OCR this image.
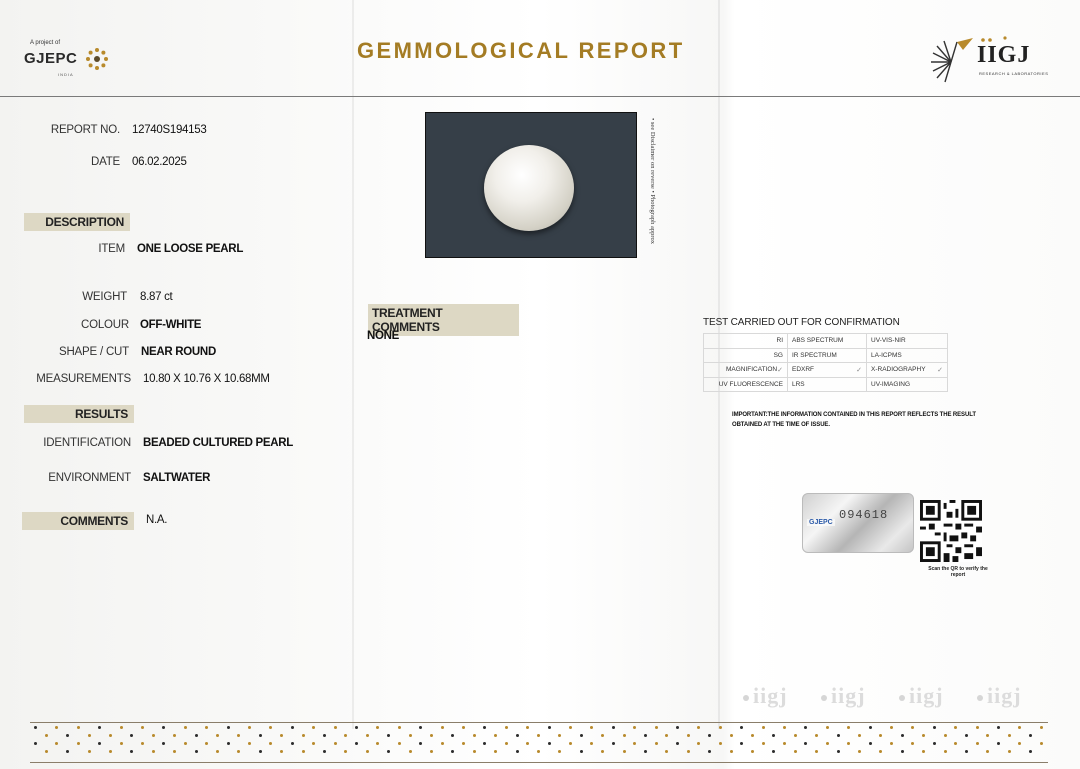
A project of
GJEPC
INDIA
GEMMOLOGICAL REPORT	IIGJ
RESEARCH & LABORATORIES
REPORT NO. 12740S194153
DATE 06.02.2025
DESCRIPTION
ITEM ONE LOOSE PEARL
WEIGHT 8.87 ct
COLOUR OFF-WHITE
SHAPE / CUT NEAR ROUND
MEASUREMENTS 10.80 X 10.76 X 10.68MM
RESULTS
IDENTIFICATION BEADED CULTURED PEARL
ENVIRONMENT SALTWATER
COMMENTS	N.A.
• see Disclaimer on reverse • Photograph approx
TREATMENT COMMENTS
NONE
TEST CARRIED OUT FOR CONFIRMATION
RI	ABS SPECTRUM	UV-VIS-NIR
SG	IR SPECTRUM	LA-ICPMS
MAGNIFICATION ✓	EDXRF ✓	X-RADIOGRAPHY ✓

UV FLUORESCENCE	LRS	UV-IMAGING
IMPORTANT:THE INFORMATION CONTAINED IN THIS REPORT REFLECTS THE RESULT OBTAINED AT THE TIME OF ISSUE.
GJEPC
094618
Scan the QR to verify the report
iigj	iigj	iigj	iigj
